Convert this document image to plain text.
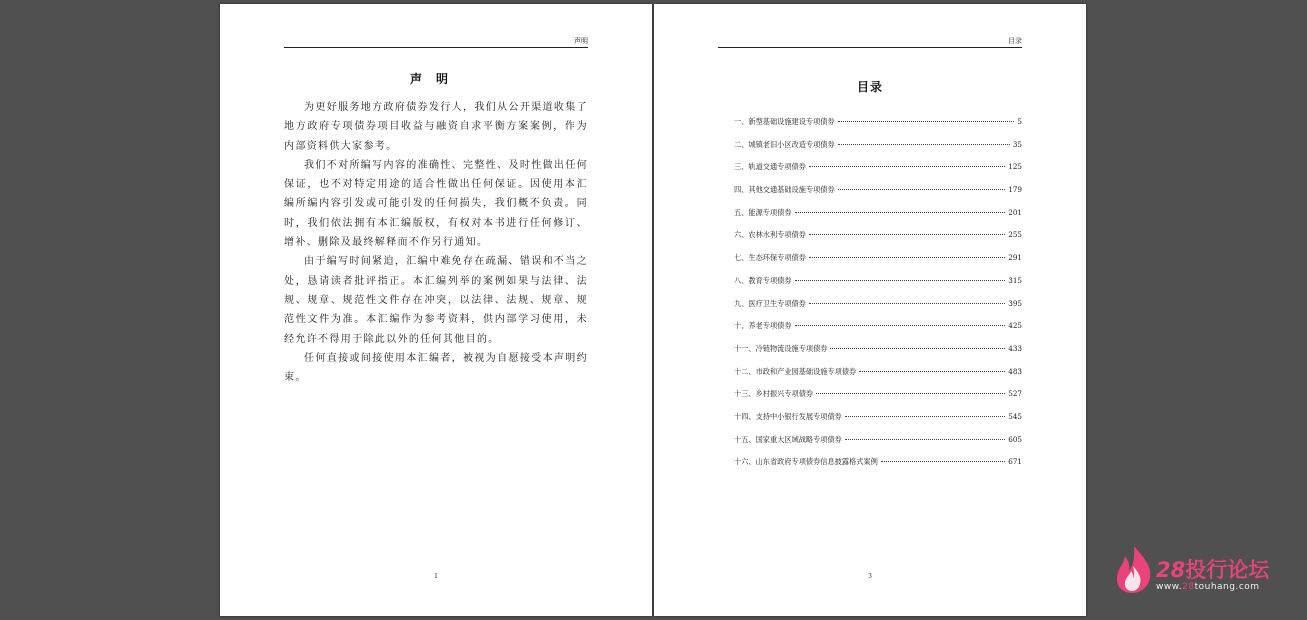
声明
声明

为更好服务地方政府债券发行人，我们从公开渠道收集了地方政府专项债券项目收益与融资自求平衡方案案例，作为内部资料供大家参考。

我们不对所编写内容的准确性、完整性、及时性做出任何保证，也不对特定用途的适合性做出任何保证。因使用本汇编所编内容引发或可能引发的任何损失，我们概不负责。同时，我们依法拥有本汇编版权，有权对本书进行任何修订、增补、删除及最终解释而不作另行通知。

由于编写时间紧迫，汇编中难免存在疏漏、错误和不当之处，恳请读者批评指正。本汇编列举的案例如果与法律、法规、规章、规范性文件存在冲突，以法律、法规、规章、规范性文件为准。本汇编作为参考资料，供内部学习使用，未经允许不得用于除此以外的任何其他目的。

任何直接或间接使用本汇编者，被视为自愿接受本声明约束。

1
目录
目录
一、新型基础设施建设专项债券	5
二、城镇老旧小区改造专项债券	35
三、轨道交通专项债券	125
四、其他交通基础设施专项债券	179
五、能源专项债券	201
六、农林水利专项债券	255
七、生态环保专项债券	291
八、教育专项债券	315
九、医疗卫生专项债券	395
十、养老专项债券	425
十一、冷链物流设施专项债券	433
十二、市政和产业园基础设施专项债券	483
十三、乡村振兴专项债券	527
十四、支持中小银行发展专项债券	545
十五、国家重大区域战略专项债券	605
十六、山东省政府专项债券信息披露格式案例	671
3	28投行论坛
www.28touhang.com
